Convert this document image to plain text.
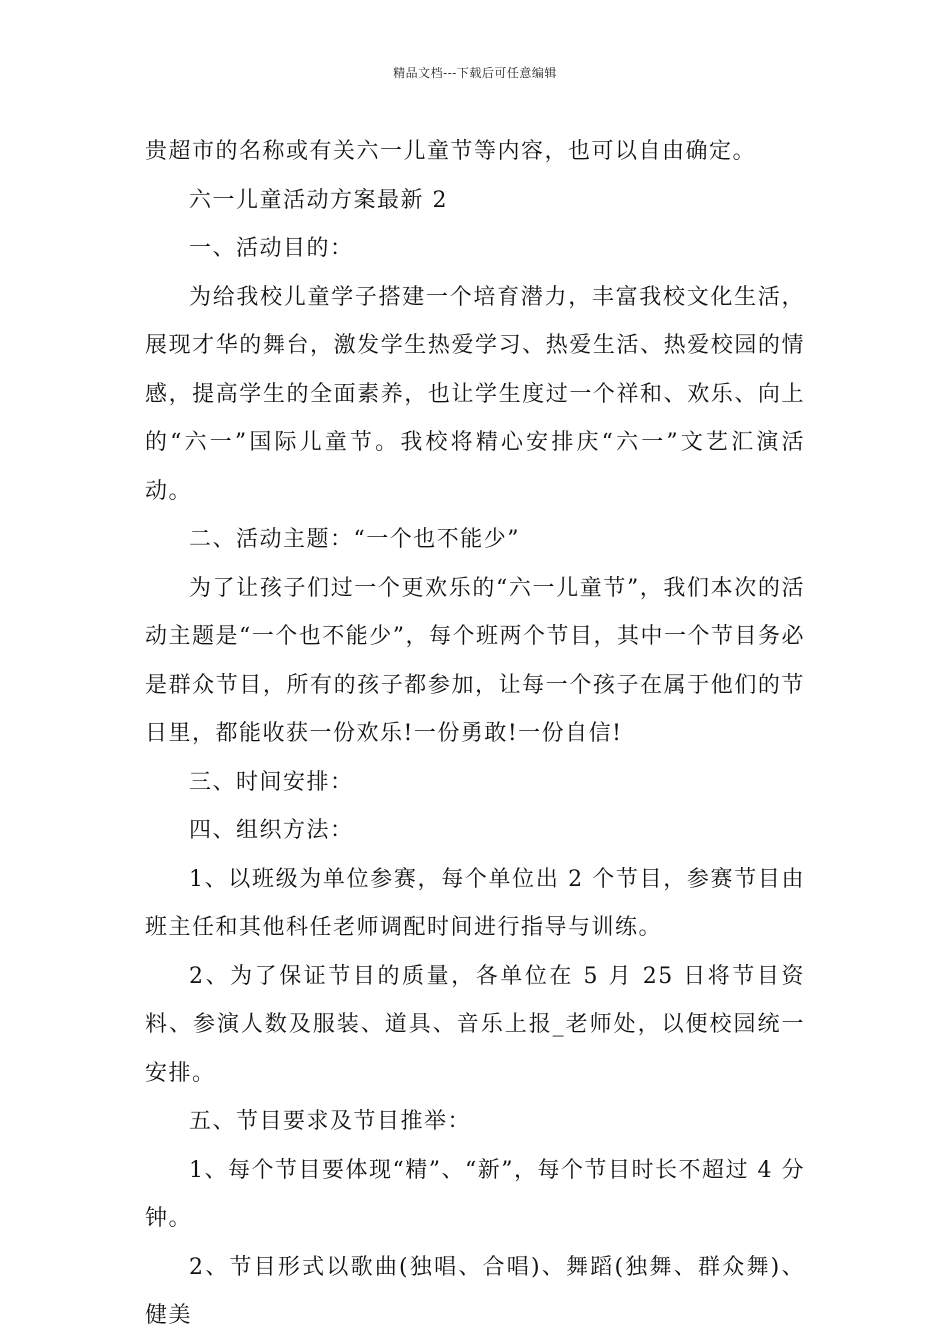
精品文档---下载后可任意编辑

贵超市的名称或有关六一儿童节等内容，也可以自由确定。

六一儿童活动方案最新 2

一、活动目的：

为给我校儿童学子搭建一个培育潜力，丰富我校文化生活，展现才华的舞台，激发学生热爱学习、热爱生活、热爱校园的情感，提高学生的全面素养，也让学生度过一个祥和、欢乐、向上的“六一”国际儿童节。我校将精心安排庆“六一”文艺汇演活动。

二、活动主题：“一个也不能少”

为了让孩子们过一个更欢乐的“六一儿童节”，我们本次的活动主题是“一个也不能少”，每个班两个节目，其中一个节目务必是群众节目，所有的孩子都参加，让每一个孩子在属于他们的节日里，都能收获一份欢乐!一份勇敢!一份自信!

三、时间安排：

四、组织方法：

1、以班级为单位参赛，每个单位出 2 个节目，参赛节目由班主任和其他科任老师调配时间进行指导与训练。

2、为了保证节目的质量，各单位在 5 月 25 日将节目资料、参演人数及服装、道具、音乐上报_老师处，以便校园统一安排。

五、节目要求及节目推举：

1、每个节目要体现“精”、“新”，每个节目时长不超过 4 分钟。

2、节目形式以歌曲(独唱、合唱)、舞蹈(独舞、群众舞)、健美
